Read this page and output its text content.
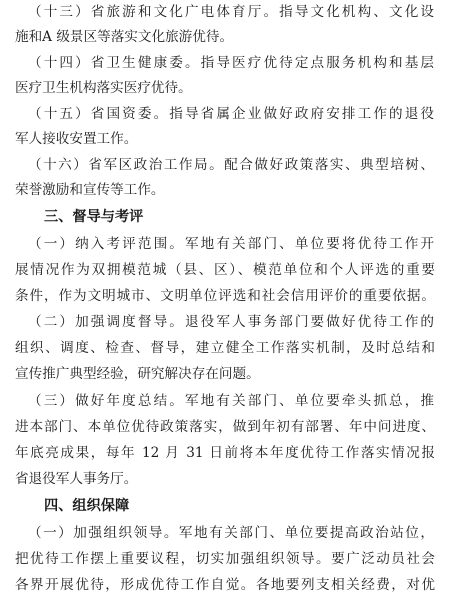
（十三）省旅游和文化广电体育厅。指导文化机构、文化设
施和A 级景区等落实文化旅游优待。
（十四）省卫生健康委。指导医疗优待定点服务机构和基层
医疗卫生机构落实医疗优待。
（十五）省国资委。指导省属企业做好政府安排工作的退役
军人接收安置工作。
（十六）省军区政治工作局。配合做好政策落实、典型培树、
荣誉激励和宣传等工作。
三、督导与考评
（一）纳入考评范围。军地有关部门、单位要将优待工作开
展情况作为双拥模范城（县、区）、模范单位和个人评选的重要
条件，作为文明城市、文明单位评选和社会信用评价的重要依据。
（二）加强调度督导。退役军人事务部门要做好优待工作的
组织、调度、检查、督导，建立健全工作落实机制，及时总结和
宣传推广典型经验，研究解决存在问题。
（三）做好年度总结。军地有关部门、单位要牵头抓总，推
进本部门、本单位优待政策落实，做到年初有部署、年中问进度、
年底亮成果，每年 12 月 31 日前将本年度优待工作落实情况报
省退役军人事务厅。
四、组织保障
（一）加强组织领导。军地有关部门、单位要提高政治站位，
把优待工作摆上重要议程，切实加强组织领导。要广泛动员社会
各界开展优待，形成优待工作自觉。各地要列支相关经费，对优
